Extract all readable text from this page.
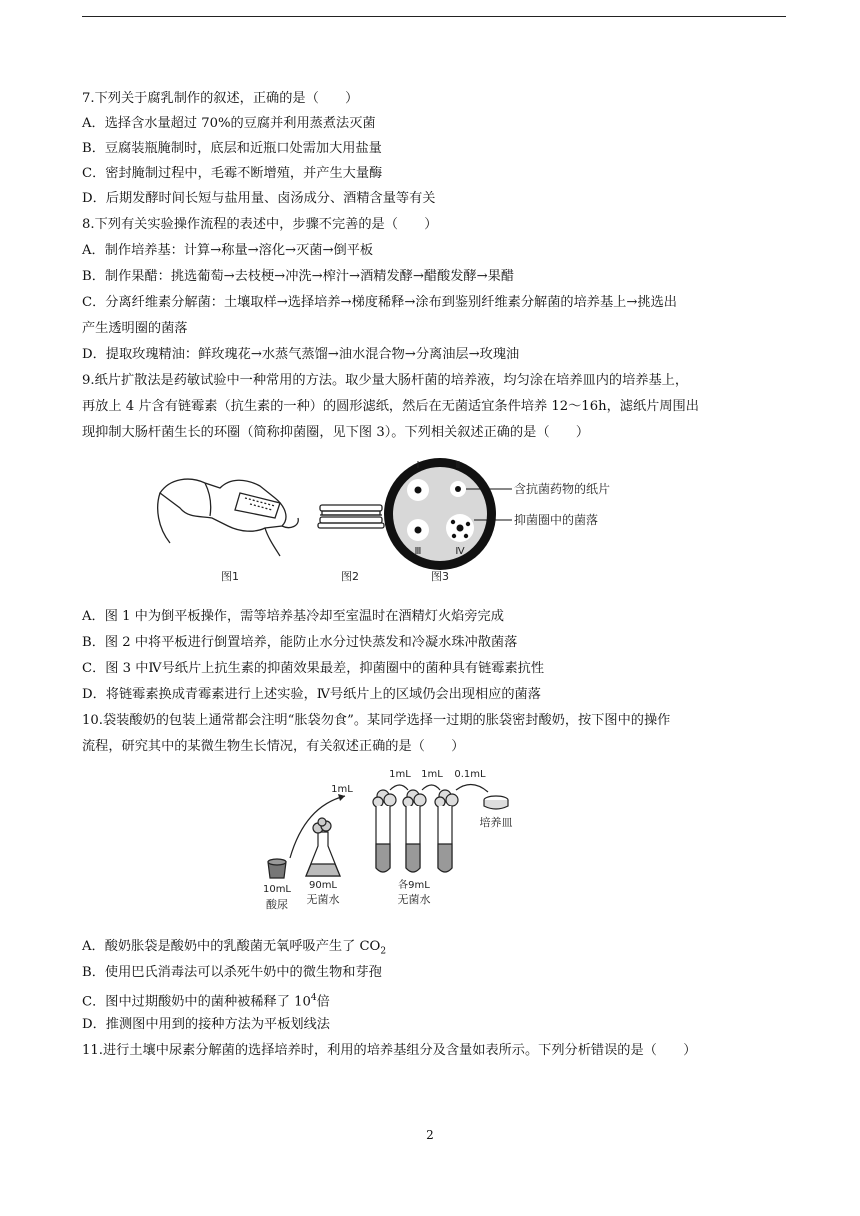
7.下列关于腐乳制作的叙述，正确的是（　　）
A．选择含水量超过 70%的豆腐并利用蒸煮法灭菌
B．豆腐装瓶腌制时，底层和近瓶口处需加大用盐量
C．密封腌制过程中，毛霉不断增殖，并产生大量酶
D．后期发酵时间长短与盐用量、卤汤成分、酒精含量等有关
8.下列有关实验操作流程的表述中，步骤不完善的是（　　）
A．制作培养基：计算→称量→溶化→灭菌→倒平板
B．制作果醋：挑选葡萄→去枝梗→冲洗→榨汁→酒精发酵→醋酸发酵→果醋
C．分离纤维素分解菌：土壤取样→选择培养→梯度稀释→涂布到鉴别纤维素分解菌的培养基上→挑选出
产生透明圈的菌落
D．提取玫瑰精油：鲜玫瑰花→水蒸气蒸馏→油水混合物→分离油层→玫瑰油
9.纸片扩散法是药敏试验中一种常用的方法。取少量大肠杆菌的培养液，均匀涂在培养皿内的培养基上，
再放上 4 片含有链霉素（抗生素的一种）的圆形滤纸，然后在无菌适宜条件培养 12～16h，滤纸片周围出
现抑制大肠杆菌生长的环圈（简称抑菌圈，见下图 3）。下列相关叙述正确的是（　　）
Ⅰ	Ⅱ
Ⅲ	Ⅳ
含抗菌药物的纸片
抑菌圈中的菌落
图1	图2	图3
A．图 1 中为倒平板操作，需等培养基冷却至室温时在酒精灯火焰旁完成
B．图 2 中将平板进行倒置培养，能防止水分过快蒸发和冷凝水珠冲散菌落
C．图 3 中Ⅳ号纸片上抗生素的抑菌效果最差，抑菌圈中的菌种具有链霉素抗性
D．将链霉素换成青霉素进行上述实验，Ⅳ号纸片上的区域仍会出现相应的菌落
10.袋装酸奶的包装上通常都会注明“胀袋勿食”。某同学选择一过期的胀袋密封酸奶，按下图中的操作
流程，研究其中的某微生物生长情况，有关叙述正确的是（　　）
1mL
1mL 1mL 0.1mL
培养皿
10mL
酸尿
90mL
无菌水
各9mL
无菌水
A．酸奶胀袋是酸奶中的乳酸菌无氧呼吸产生了 $CO_2$
B．使用巴氏消毒法可以杀死牛奶中的微生物和芽孢
C．图中过期酸奶中的菌种被稀释了 $10^4$倍
D．推测图中用到的接种方法为平板划线法
11.进行土壤中尿素分解菌的选择培养时，利用的培养基组分及含量如表所示。下列分析错误的是（　　）
2
